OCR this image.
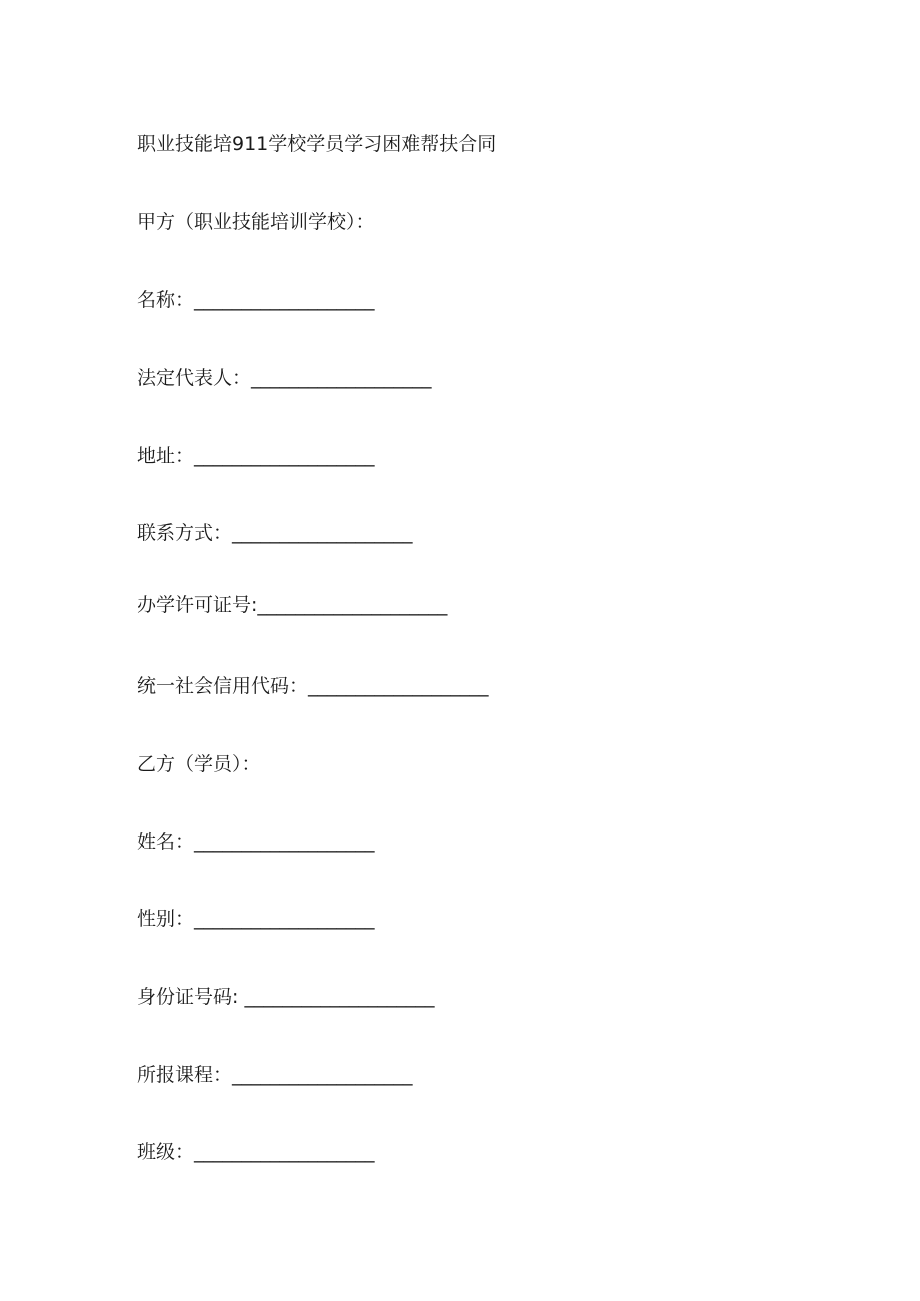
职业技能培911学校学员学习困难帮扶合同
甲方（职业技能培训学校）：
名称：___________________
法定代表人：___________________
地址：___________________
联系方式：___________________
办学许可证号:____________________
统一社会信用代码：___________________
乙方（学员）：
姓名：___________________
性别：___________________
身份证号码: ____________________
所报课程：___________________
班级：___________________
